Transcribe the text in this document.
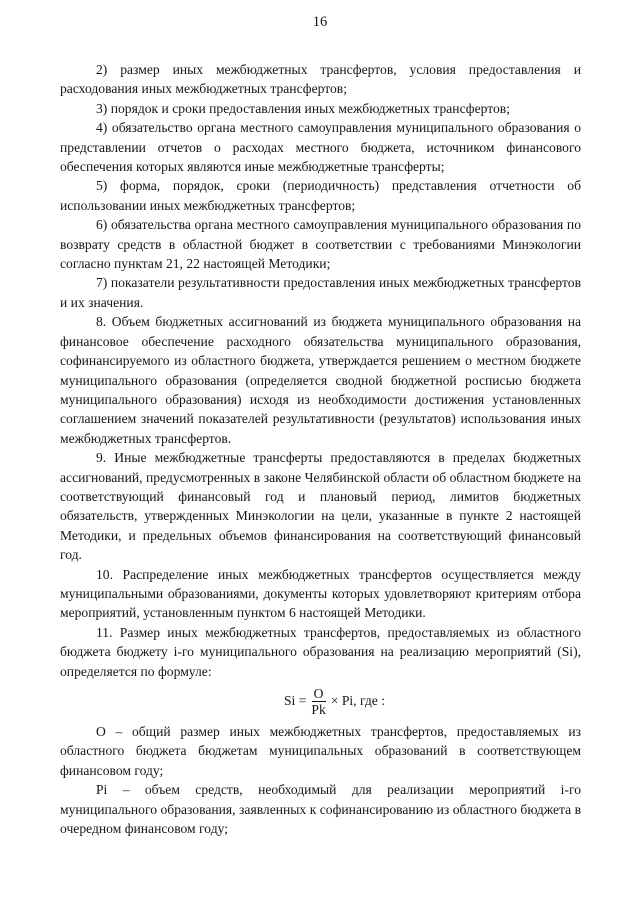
16

2) размер иных межбюджетных трансфертов, условия предоставления и расходования иных межбюджетных трансфертов;

3) порядок и сроки предоставления иных межбюджетных трансфертов;

4) обязательство органа местного самоуправления муниципального образования о представлении отчетов о расходах местного бюджета, источником финансового обеспечения которых являются иные межбюджетные трансферты;

5) форма, порядок, сроки (периодичность) представления отчетности об использовании иных межбюджетных трансфертов;

6) обязательства органа местного самоуправления муниципального образования по возврату средств в областной бюджет в соответствии с требованиями Минэкологии согласно пунктам 21, 22 настоящей Методики;

7) показатели результативности предоставления иных межбюджетных трансфертов и их значения.

8. Объем бюджетных ассигнований из бюджета муниципального образования на финансовое обеспечение расходного обязательства муниципального образования, софинансируемого из областного бюджета, утверждается решением о местном бюджете муниципального образования (определяется сводной бюджетной росписью бюджета муниципального образования) исходя из необходимости достижения установленных соглашением значений показателей результативности (результатов) использования иных межбюджетных трансфертов.

9. Иные межбюджетные трансферты предоставляются в пределах бюджетных ассигнований, предусмотренных в законе Челябинской области об областном бюджете на соответствующий финансовый год и плановый период, лимитов бюджетных обязательств, утвержденных Минэкологии на цели, указанные в пункте 2 настоящей Методики, и предельных объемов финансирования на соответствующий финансовый год.

10. Распределение иных межбюджетных трансфертов осуществляется между муниципальными образованиями, документы которых удовлетворяют критериям отбора мероприятий, установленным пунктом 6 настоящей Методики.

11. Размер иных межбюджетных трансфертов, предоставляемых из областного бюджета бюджету i-го муниципального образования на реализацию мероприятий (Si), определяется по формуле:

$Si = \frac{O}{Pk} \times Pi$, где :

O – общий размер иных межбюджетных трансфертов, предоставляемых из областного бюджета бюджетам муниципальных образований в соответствующем финансовом году;

Pi – объем средств, необходимый для реализации мероприятий i-го муниципального образования, заявленных к софинансированию из областного бюджета в очередном финансовом году;
